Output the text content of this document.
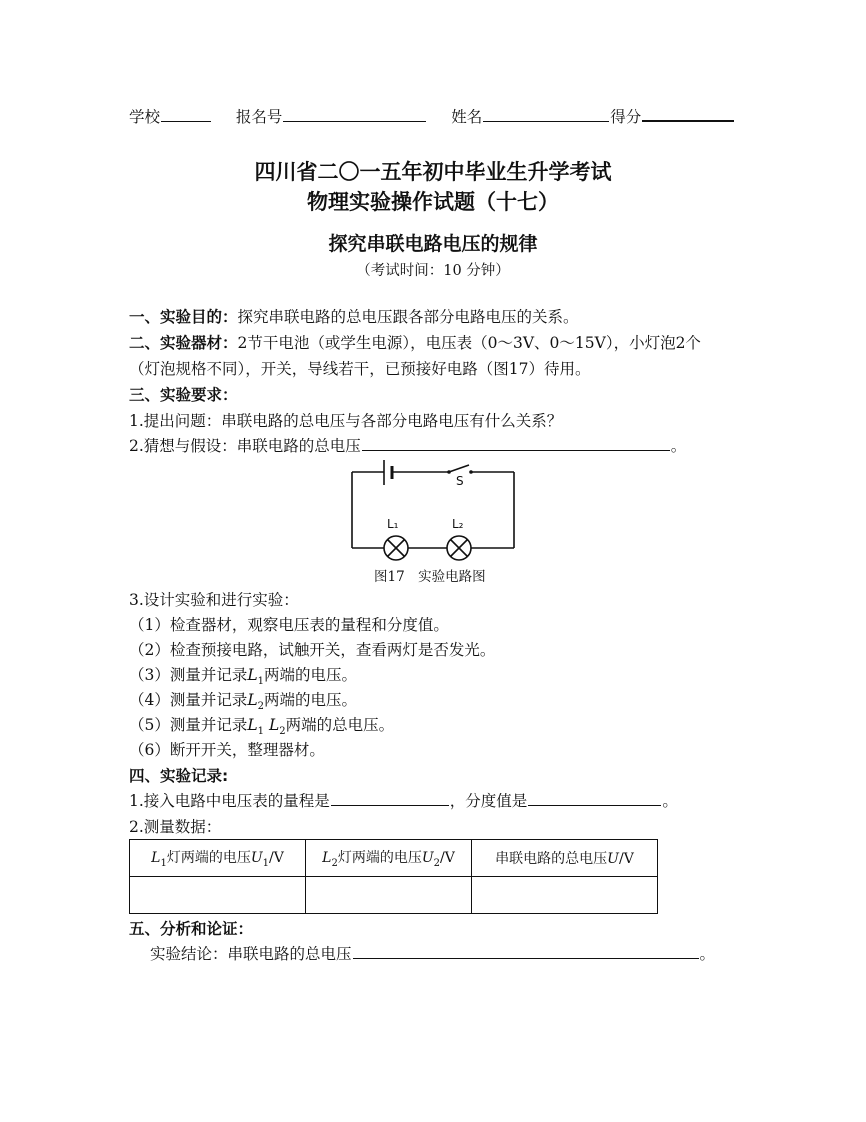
学校	报名号	姓名	得分
四川省二〇一五年初中毕业生升学考试
物理实验操作试题（十七）
探究串联电路电压的规律
（考试时间：10 分钟）
一、实验目的：探究串联电路的总电压跟各部分电路电压的关系。
二、实验器材：2节干电池（或学生电源），电压表（0～3V、0～15V），小灯泡2个
（灯泡规格不同），开关，导线若干，已预接好电路（图17）待用。
三、实验要求：
1.提出问题：串联电路的总电压与各部分电路电压有什么关系？
2.猜想与假设：串联电路的总电压	。
S
L₁	L₂
图17　实验电路图
3.设计实验和进行实验：
（1）检查器材，观察电压表的量程和分度值。
（2）检查预接电路，试触开关，查看两灯是否发光。
（3）测量并记录$L_1$两端的电压。
（4）测量并记录$L_2$两端的电压。
（5）测量并记录$L_1$ $L_2$两端的总电压。
（6）断开开关，整理器材。
四、实验记录:
1.接入电路中电压表的量程是	，分度值是	。
2.测量数据：
$L_1$灯两端的电压$U_1/V$	$L_2$灯两端的电压$U_2/V$	串联电路的总电压U/V

五、分析和论证：
实验结论：串联电路的总电压	。
